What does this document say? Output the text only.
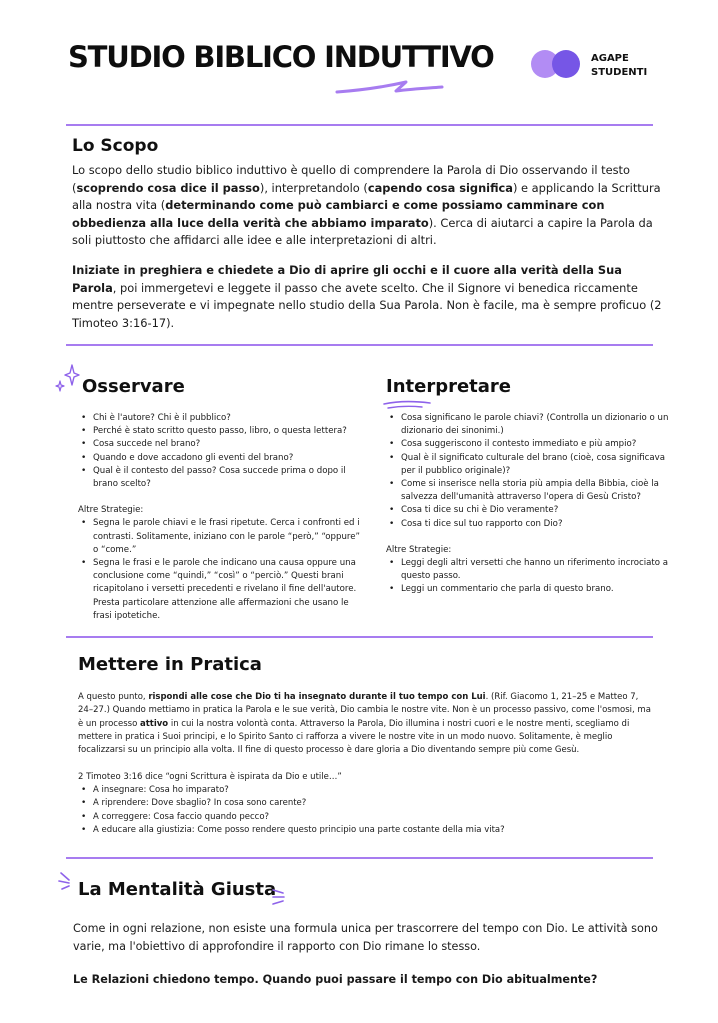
STUDIO BIBLICO INDUTTIVO	AGAPE
STUDENTI
Lo Scopo
Lo scopo dello studio biblico induttivo è quello di comprendere la Parola di Dio osservando il testo (scoprendo cosa dice il passo), interpretandolo (capendo cosa significa) e applicando la Scrittura alla nostra vita (determinando come può cambiarci e come possiamo camminare con obbedienza alla luce della verità che abbiamo imparato). Cerca di aiutarci a capire la Parola da soli piuttosto che affidarci alle idee e alle interpretazioni di altri.
Iniziate in preghiera e chiedete a Dio di aprire gli occhi e il cuore alla verità della Sua Parola, poi immergetevi e leggete il passo che avete scelto. Che il Signore vi benedica riccamente mentre perseverate e vi impegnate nello studio della Sua Parola. Non è facile, ma è sempre proficuo (2 Timoteo 3:16-17).
Osservare
• Chi è l'autore? Chi è il pubblico?
• Perché è stato scritto questo passo, libro, o questa lettera?
• Cosa succede nel brano?
• Quando e dove accadono gli eventi del brano?
• Qual è il contesto del passo? Cosa succede prima o dopo il brano scelto?
Altre Strategie:
• Segna le parole chiavi e le frasi ripetute. Cerca i confronti ed i contrasti. Solitamente, iniziano con le parole “però,” “oppure” o “come.”
• Segna le frasi e le parole che indicano una causa oppure una conclusione come “quindi,” “così” o “perciò.” Questi brani ricapitolano i versetti precedenti e rivelano il fine dell'autore. Presta particolare attenzione alle affermazioni che usano le frasi ipotetiche.
Interpretare
• Cosa significano le parole chiavi? (Controlla un dizionario o un dizionario dei sinonimi.)
• Cosa suggeriscono il contesto immediato e più ampio?
• Qual è il significato culturale del brano (cioè, cosa significava per il pubblico originale)?
• Come si inserisce nella storia più ampia della Bibbia, cioè la salvezza dell'umanità attraverso l'opera di Gesù Cristo?
• Cosa ti dice su chi è Dio veramente?
• Cosa ti dice sul tuo rapporto con Dio?
Altre Strategie:
• Leggi degli altri versetti che hanno un riferimento incrociato a questo passo.
• Leggi un commentario che parla di questo brano.
Mettere in Pratica
A questo punto, rispondi alle cose che Dio ti ha insegnato durante il tuo tempo con Lui. (Rif. Giacomo 1, 21–25 e Matteo 7, 24–27.) Quando mettiamo in pratica la Parola e le sue verità, Dio cambia le nostre vite. Non è un processo passivo, come l'osmosi, ma è un processo attivo in cui la nostra volontà conta. Attraverso la Parola, Dio illumina i nostri cuori e le nostre menti, scegliamo di mettere in pratica i Suoi principi, e lo Spirito Santo ci rafforza a vivere le nostre vite in un modo nuovo. Solitamente, è meglio focalizzarsi su un principio alla volta. Il fine di questo processo è dare gloria a Dio diventando sempre più come Gesù.
2 Timoteo 3:16 dice “ogni Scrittura è ispirata da Dio e utile…”
• A insegnare: Cosa ho imparato?
• A riprendere: Dove sbaglio? In cosa sono carente?
• A correggere: Cosa faccio quando pecco?
• A educare alla giustizia: Come posso rendere questo principio una parte costante della mia vita?
La Mentalità Giusta
Come in ogni relazione, non esiste una formula unica per trascorrere del tempo con Dio. Le attività sono varie, ma l'obiettivo di approfondire il rapporto con Dio rimane lo stesso.
Le Relazioni chiedono tempo. Quando puoi passare il tempo con Dio abitualmente?
